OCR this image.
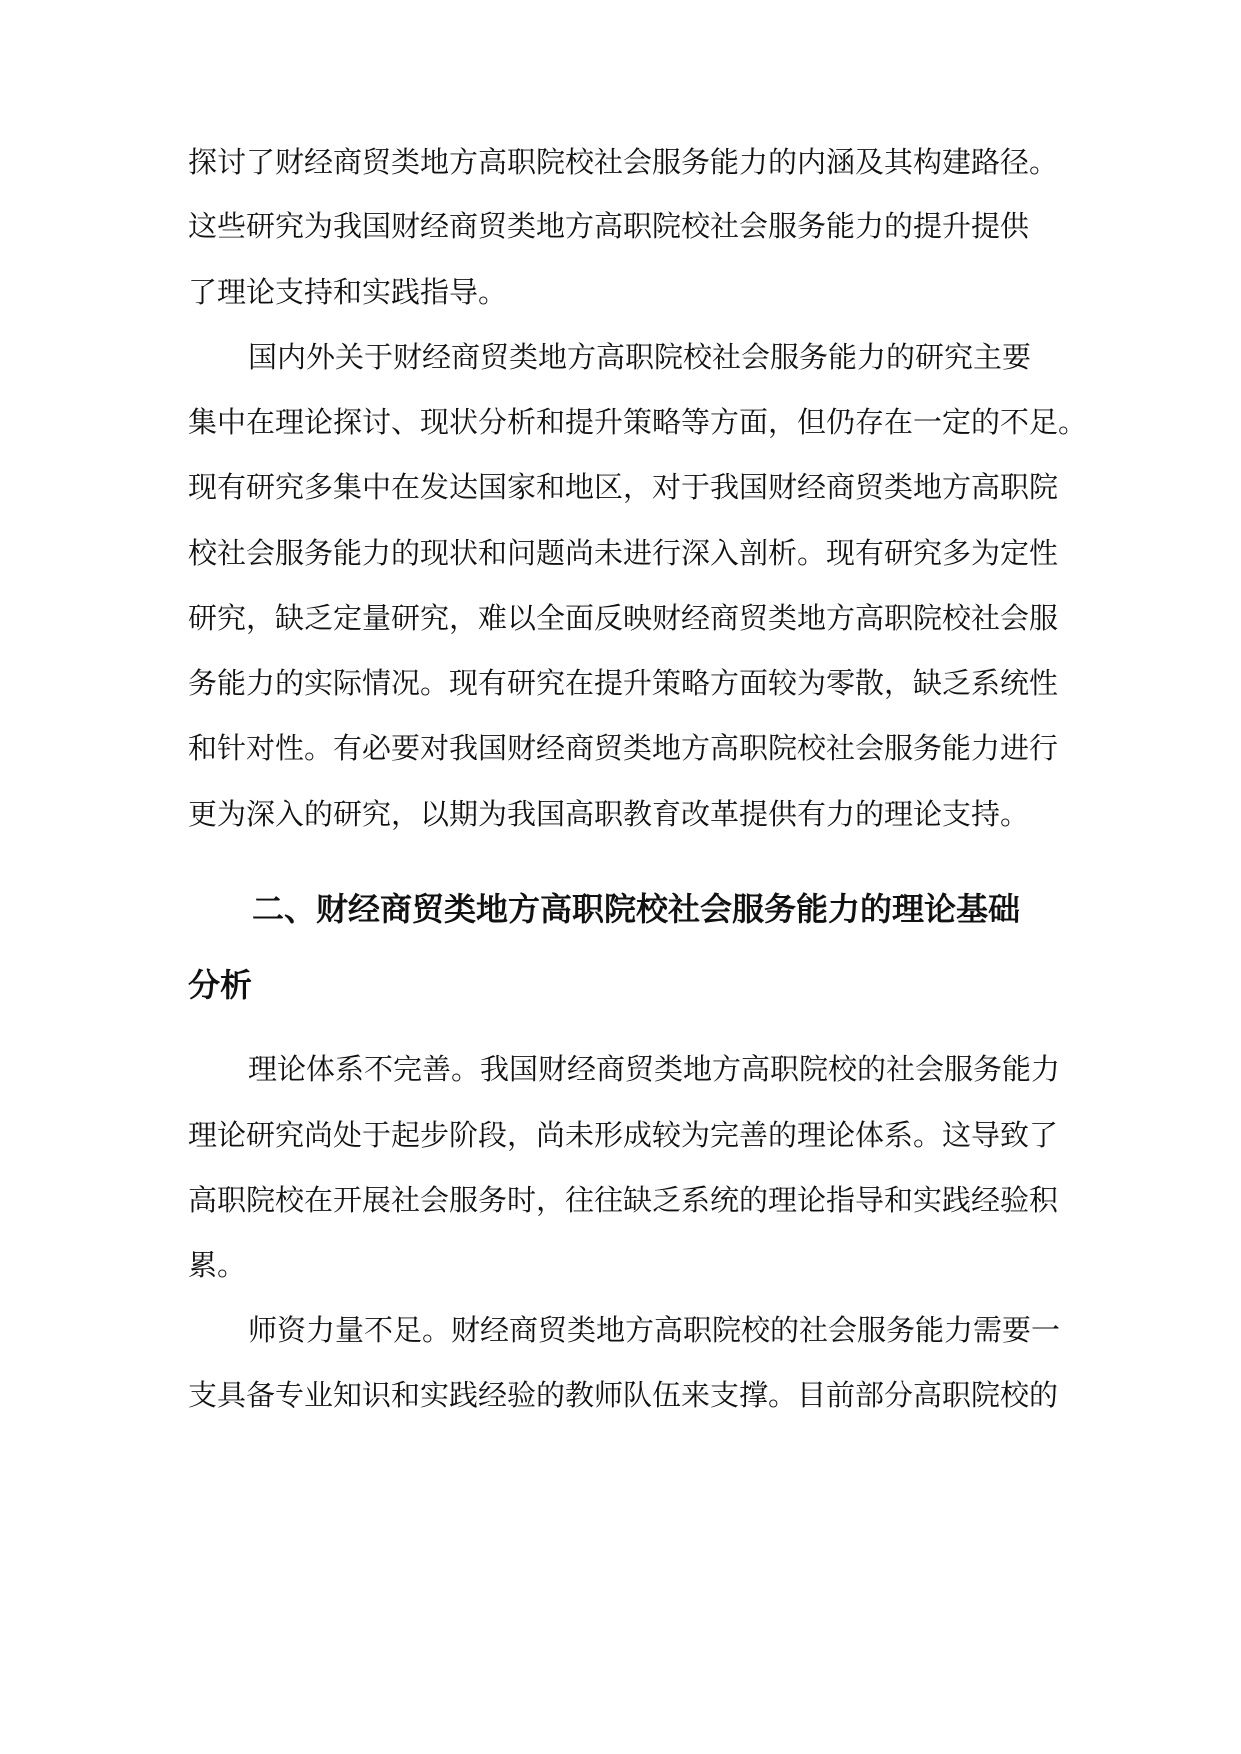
探讨了财经商贸类地方高职院校社会服务能力的内涵及其构建路径。
这些研究为我国财经商贸类地方高职院校社会服务能力的提升提供
了理论支持和实践指导。
国内外关于财经商贸类地方高职院校社会服务能力的研究主要
集中在理论探讨、现状分析和提升策略等方面，但仍存在一定的不足。
现有研究多集中在发达国家和地区，对于我国财经商贸类地方高职院
校社会服务能力的现状和问题尚未进行深入剖析。现有研究多为定性
研究，缺乏定量研究，难以全面反映财经商贸类地方高职院校社会服
务能力的实际情况。现有研究在提升策略方面较为零散，缺乏系统性
和针对性。有必要对我国财经商贸类地方高职院校社会服务能力进行
更为深入的研究，以期为我国高职教育改革提供有力的理论支持。
二、财经商贸类地方高职院校社会服务能力的理论基础
分析
理论体系不完善。我国财经商贸类地方高职院校的社会服务能力
理论研究尚处于起步阶段，尚未形成较为完善的理论体系。这导致了
高职院校在开展社会服务时，往往缺乏系统的理论指导和实践经验积
累。
师资力量不足。财经商贸类地方高职院校的社会服务能力需要一
支具备专业知识和实践经验的教师队伍来支撑。目前部分高职院校的
